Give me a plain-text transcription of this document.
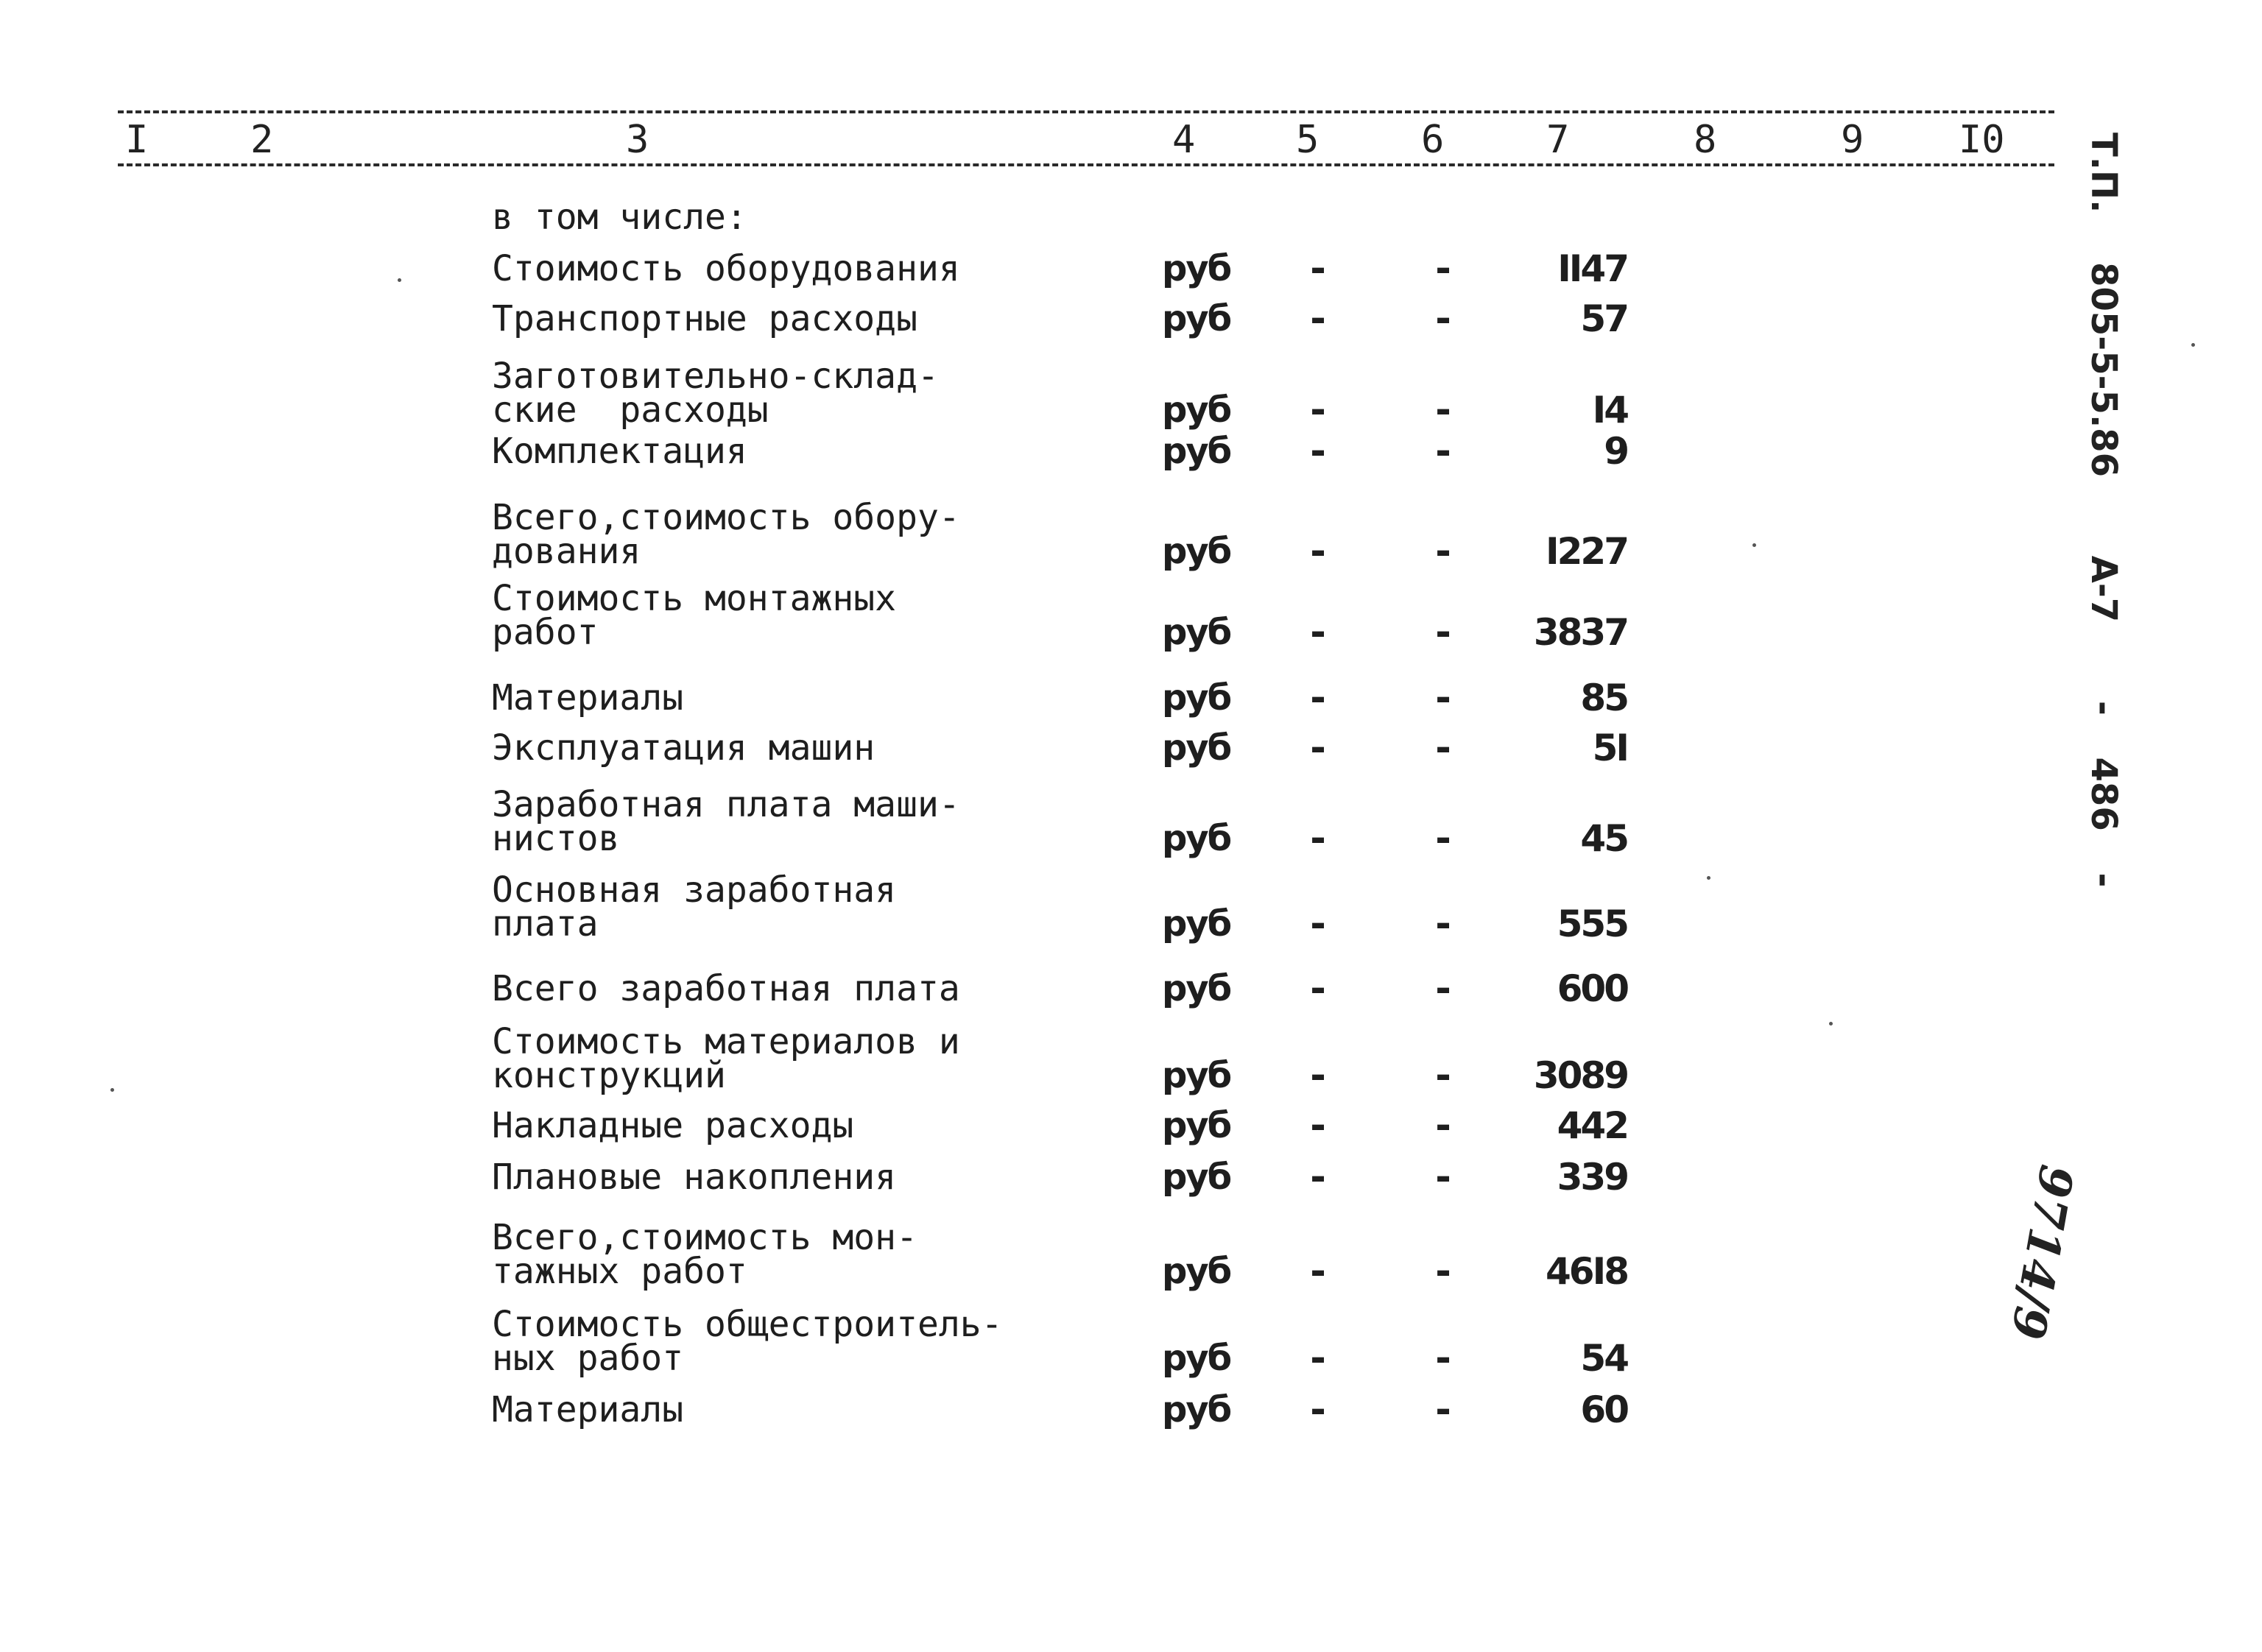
I	2	3	4	5	6	7	8	9 I0
в том числе:
Стоимость оборудования	руб	-	-	II47
Транспортные расходы	руб	-	-	57
Заготовительно-склад-
ские  расходы	руб	-	-	I4
Комплектация	руб	-	-	9
Всего,стоимость обору-
дования	руб	-	-	I227
Стоимость монтажных
работ	руб	-	-	3837
Материалы	руб	-	-	85
Эксплуатация машин	руб	-	-	5I
Заработная плата маши-
нистов	руб	-	-	45
Основная заработная
плата	руб	-	-	555
Всего заработная плата	руб	-	-	600
Стоимость материалов и
конструкций	руб	-	-	3089
Накладные расходы	руб	-	-	442
Плановые накопления	руб	-	-	339
Всего,стоимость мон-
тажных работ	руб	-	-	46I8
Стоимость общестроитель-
ных работ	руб	-	-	54
Материалы	руб	-	-	60
Т.П. 805-5-5.86 А-7 - 486 -
9714/9
